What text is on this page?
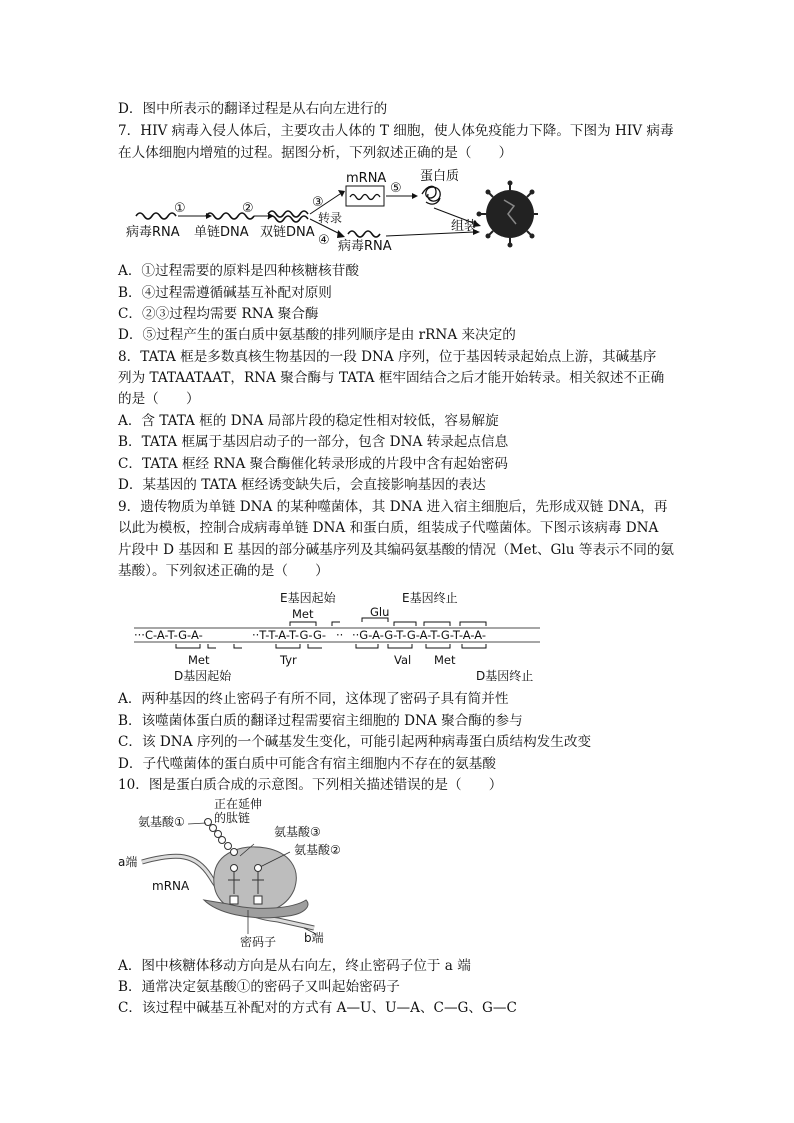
D．图中所表示的翻译过程是从右向左进行的
7．HIV 病毒入侵人体后，主要攻击人体的 T 细胞，使人体免疫能力下降。下图为 HIV 病毒
在人体细胞内增殖的过程。据图分析，下列叙述正确的是（　　）
病毒RNA
①
单链DNA
②
双链DNA
③
转录
④
mRNA
⑤
蛋白质
病毒RNA
组装
A．①过程需要的原料是四种核糖核苷酸
B．④过程需遵循碱基互补配对原则
C．②③过程均需要 RNA 聚合酶
D．⑤过程产生的蛋白质中氨基酸的排列顺序是由 rRNA 来决定的
8．TATA 框是多数真核生物基因的一段 DNA 序列，位于基因转录起始点上游，其碱基序
列为 TATAATAAT，RNA 聚合酶与 TATA 框牢固结合之后才能开始转录。相关叙述不正确
的是（　　）
A．含 TATA 框的 DNA 局部片段的稳定性相对较低，容易解旋
B．TATA 框属于基因启动子的一部分，包含 DNA 转录起点信息
C．TATA 框经 RNA 聚合酶催化转录形成的片段中含有起始密码
D．某基因的 TATA 框经诱变缺失后，会直接影响基因的表达
9．遗传物质为单链 DNA 的某种噬菌体，其 DNA 进入宿主细胞后，先形成双链 DNA，再
以此为模板，控制合成病毒单链 DNA 和蛋白质，组装成子代噬菌体。下图示该病毒 DNA
片段中 D 基因和 E 基因的部分碱基序列及其编码氨基酸的情况（Met、Glu 等表示不同的氨
基酸）。下列叙述正确的是（　　）
E基因起始	E基因终止
Met	Glu
···C-A-T-G-A-	··T-T-A-T-G-G- ·· ··G-A-G-T-G-A-T-G-T-A-A-
Met	Tyr	Val Met
D基因起始	D基因终止
A．两种基因的终止密码子有所不同，这体现了密码子具有简并性
B．该噬菌体蛋白质的翻译过程需要宿主细胞的 DNA 聚合酶的参与
C．该 DNA 序列的一个碱基发生变化，可能引起两种病毒蛋白质结构发生改变
D．子代噬菌体的蛋白质中可能含有宿主细胞内不存在的氨基酸
10．图是蛋白质合成的示意图。下列相关描述错误的是（　　）
正在延伸
的肽链
氨基酸①
氨基酸③
氨基酸②
a端
mRNA
密码子 b端
A．图中核糖体移动方向是从右向左，终止密码子位于 a 端
B．通常决定氨基酸①的密码子又叫起始密码子
C．该过程中碱基互补配对的方式有 A—U、U—A、C—G、G—C
